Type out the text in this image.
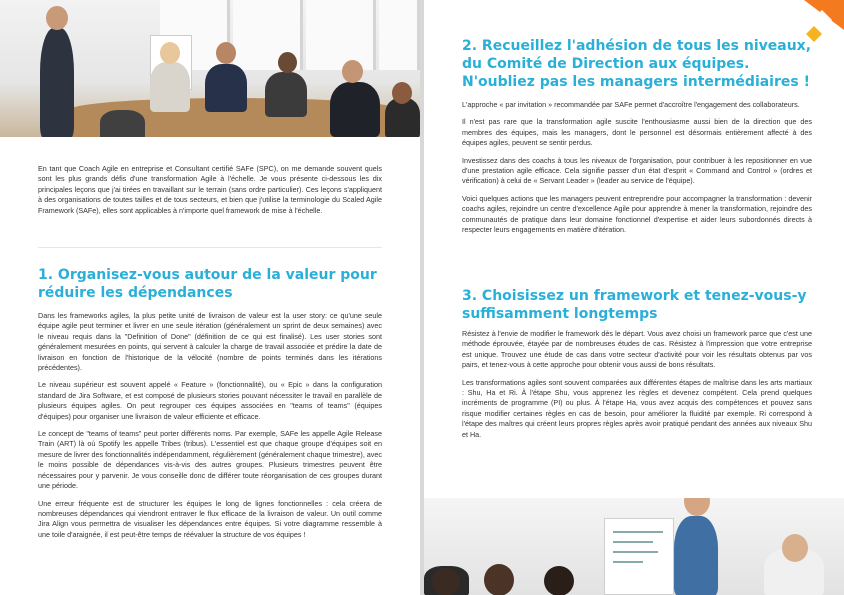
En tant que Coach Agile en entreprise et Consultant certifié SAFe (SPC), on me demande souvent quels sont les plus grands défis d'une transformation Agile à l'échelle. Je vous présente ci-dessous les dix principales leçons que j'ai tirées en travaillant sur le terrain (sans ordre particulier). Ces leçons s'appliquent à des organisations de toutes tailles et de tous secteurs, et bien que j'utilise la terminologie du Scaled Agile Framework (SAFe), elles sont applicables à n'importe quel framework de mise à l'échelle.

1. Organisez-vous autour de la valeur pour réduire les dépendances

Dans les frameworks agiles, la plus petite unité de livraison de valeur est la user story: ce qu'une seule équipe agile peut terminer et livrer en une seule itération (généralement un sprint de deux semaines) avec le niveau requis dans la "Definition of Done" (définition de ce qui est finalisé). Les user stories sont généralement mesurées en points, qui servent à calculer la charge de travail associée et prédire la date de livraison en fonction de l'historique de la vélocité (nombre de points terminés dans les itérations précédentes).

Le niveau supérieur est souvent appelé « Feature » (fonctionnalité), ou « Epic » dans la configuration standard de Jira Software, et est composé de plusieurs stories pouvant nécessiter le travail en parallèle de plusieurs équipes agiles. On peut regrouper ces équipes associées en "teams of teams" (équipes d'équipes) pour organiser une livraison de valeur efficiente et efficace.

Le concept de "teams of teams" peut porter différents noms. Par exemple, SAFe les appelle Agile Release Train (ART) là où Spotify les appelle Tribes (tribus). L'essentiel est que chaque groupe d'équipes soit en mesure de livrer des fonctionnalités indépendamment, régulièrement (généralement chaque trimestre), avec le moins possible de dépendances vis-à-vis des autres groupes. Plusieurs trimestres peuvent être nécessaires pour y parvenir. Je vous conseille donc de différer toute réorganisation de ces groupes durant une période.

Une erreur fréquente est de structurer les équipes le long de lignes fonctionnelles : cela créera de nombreuses dépendances qui viendront entraver le flux efficace de la livraison de valeur. Un outil comme Jira Align vous permettra de visualiser les dépendances entre équipes. Si votre diagramme ressemble à une toile d'araignée, il est peut-être temps de réévaluer la structure de vos équipes !

2. Recueillez l'adhésion de tous les niveaux, du Comité de Direction aux équipes. N'oubliez pas les managers intermédiaires !

L'approche « par invitation » recommandée par SAFe permet d'accroître l'engagement des collaborateurs.

Il n'est pas rare que la transformation agile suscite l'enthousiasme aussi bien de la direction que des membres des équipes, mais les managers, dont le personnel est désormais entièrement affecté à des équipes agiles, peuvent se sentir perdus.

Investissez dans des coachs à tous les niveaux de l'organisation, pour contribuer à les repositionner en vue d'une prestation agile efficace. Cela signifie passer d'un état d'esprit « Command and Control » (ordres et vérification) à celui de « Servant Leader » (leader au service de l'équipe).

Voici quelques actions que les managers peuvent entreprendre pour accompagner la transformation : devenir coachs agiles, rejoindre un centre d'excellence Agile pour apprendre à mener la transformation, rejoindre des communautés de pratique dans leur domaine fonctionnel d'expertise et aider leurs subordonnés directs à respecter leurs engagements en matière d'itération.

3. Choisissez un framework et tenez-vous-y suffisamment longtemps

Résistez à l'envie de modifier le framework dès le départ. Vous avez choisi un framework parce que c'est une méthode éprouvée, étayée par de nombreuses études de cas. Résistez à l'impression que votre entreprise est unique. Trouvez une étude de cas dans votre secteur d'activité pour voir les résultats obtenus par vos pairs, et tenez-vous à cette approche pour obtenir vous aussi de bons résultats.

Les transformations agiles sont souvent comparées aux différentes étapes de maîtrise dans les arts martiaux : Shu, Ha et Ri. À l'étape Shu, vous apprenez les règles et devenez compétent. Cela prend quelques incréments de programme (PI) ou plus. À l'étape Ha, vous avez acquis des compétences et pouvez sans risque modifier certaines règles en cas de besoin, pour améliorer la fluidité par exemple. Ri correspond à l'étape des maîtres qui créent leurs propres règles après avoir pratiqué pendant des années aux niveaux Shu et Ha.
